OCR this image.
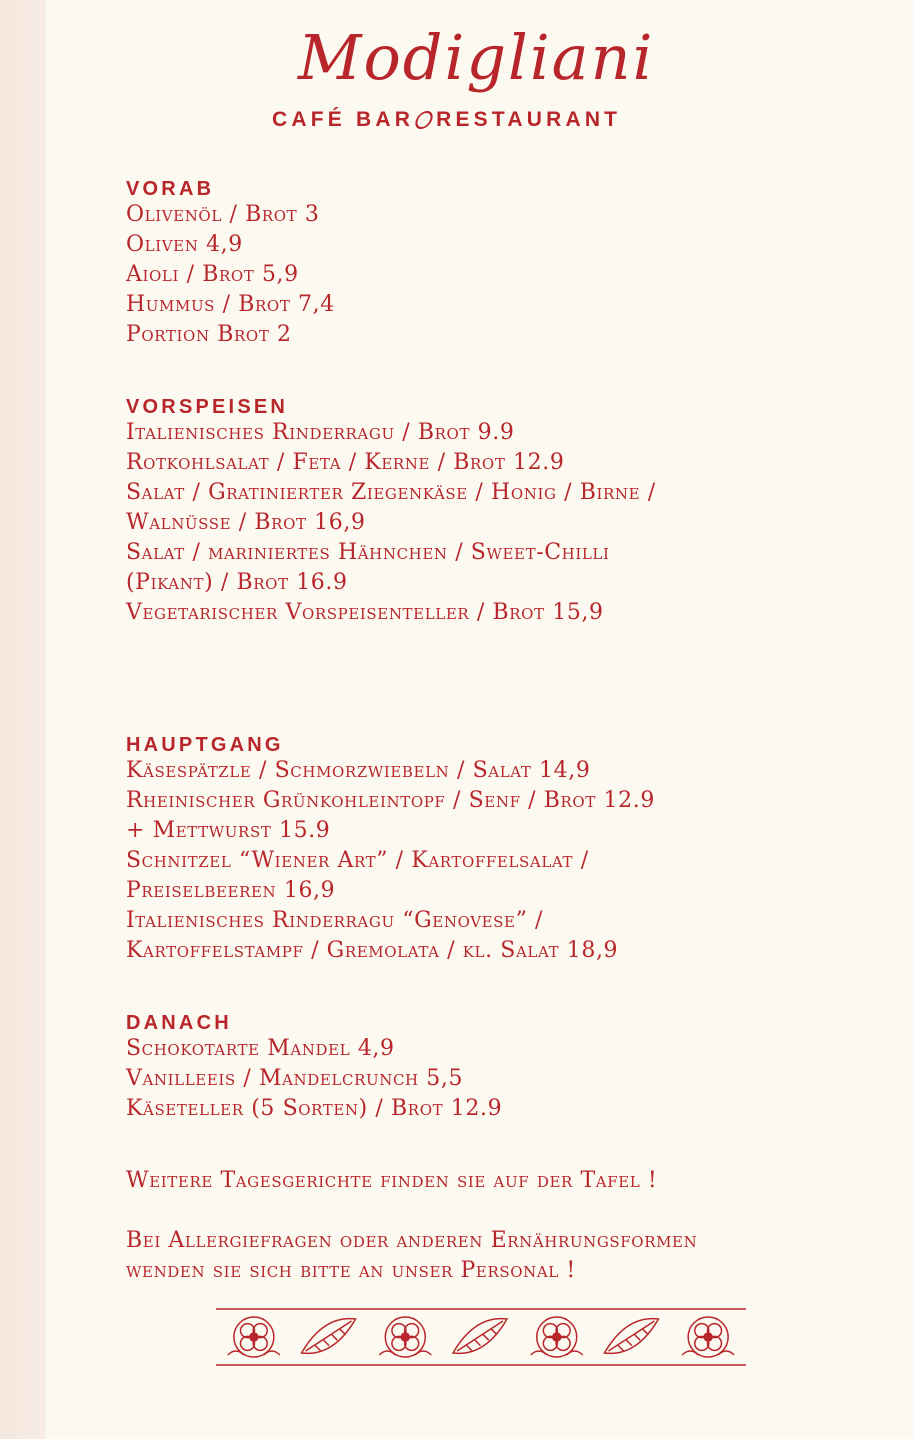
Modigliani
CAFÉ BAR RESTAURANT
VORAB
Olivenöl / Brot 3
Oliven 4,9
Aioli / Brot 5,9
Hummus / Brot 7,4
Portion Brot 2
VORSPEISEN
Italienisches Rinderragu / Brot 9.9
Rotkohlsalat / Feta / Kerne / Brot 12.9
Salat / Gratinierter Ziegenkäse / Honig / Birne /
Walnüsse / Brot 16,9
Salat / mariniertes Hähnchen / Sweet-Chilli
(Pikant) / Brot 16.9
Vegetarischer Vorspeisenteller / Brot 15,9
HAUPTGANG
Käsespätzle / Schmorzwiebeln / Salat 14,9
Rheinischer Grünkohleintopf / Senf / Brot 12.9
+ Mettwurst 15.9
Schnitzel “Wiener Art” / Kartoffelsalat /
Preiselbeeren 16,9
Italienisches Rinderragu “Genovese” /
Kartoffelstampf / Gremolata / kl. Salat 18,9
DANACH
Schokotarte Mandel 4,9
Vanilleeis / Mandelcrunch 5,5
Käseteller (5 Sorten) / Brot 12.9

Weitere Tagesgerichte finden sie auf der Tafel !

Bei Allergiefragen oder anderen Ernährungsformen

wenden sie sich bitte an unser Personal !
